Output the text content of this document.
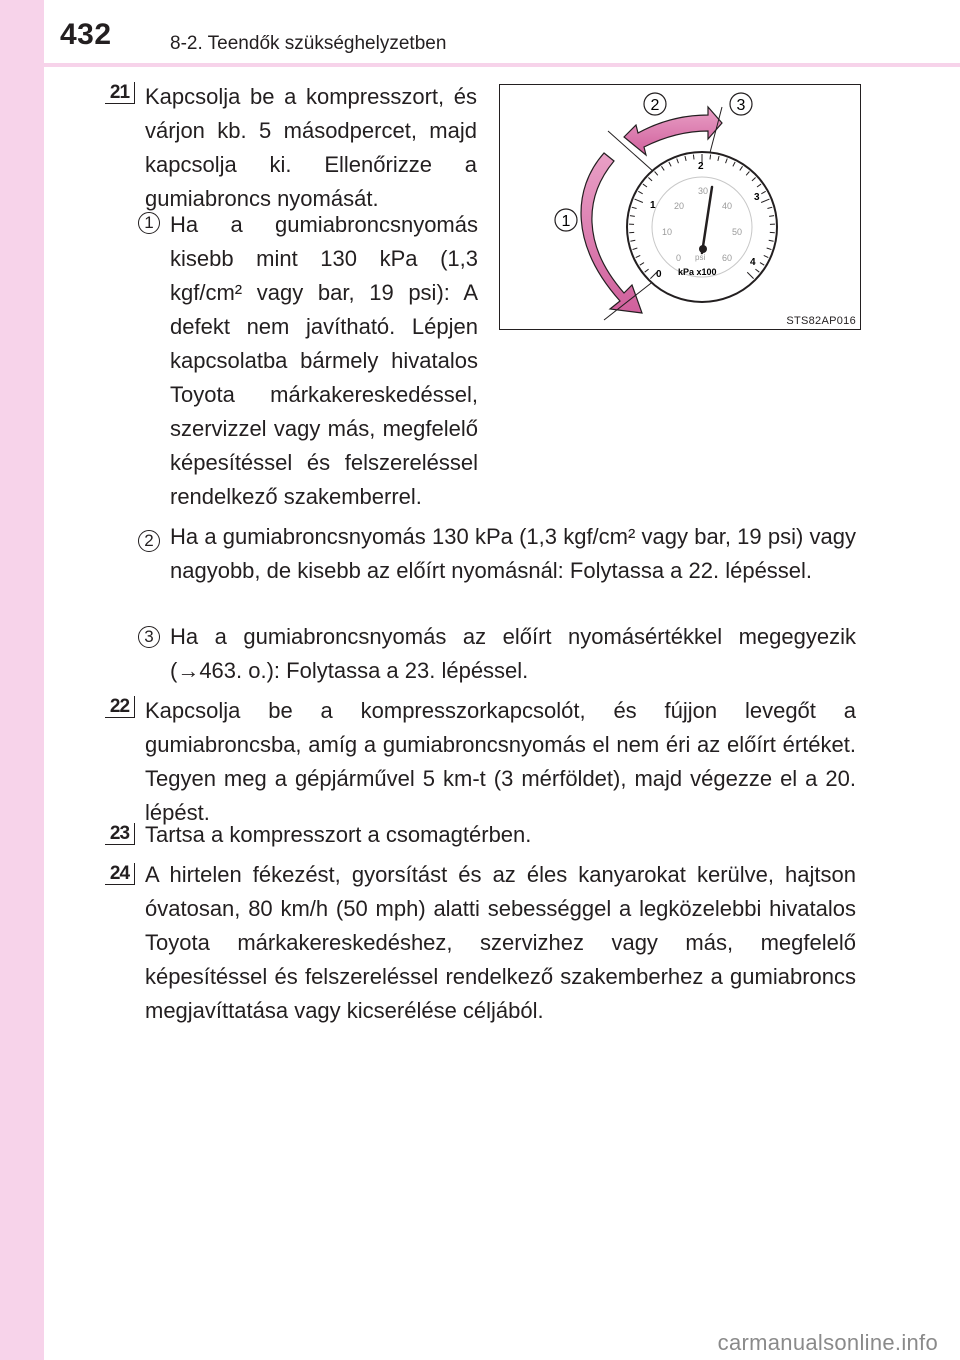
432	8-2. Teendők szükséghelyzetben
21 Kapcsolja be a kompresszort, és várjon kb. 5 másodpercet, majd kapcsolja ki. Ellenőrizze a gumiabroncs nyomását.
1 Ha a gumiabroncsnyomás kisebb mint 130 kPa (1,3 kgf/cm² vagy bar, 19 psi): A defekt nem javítható. Lépjen kapcsolatba bármely hivatalos Toyota márkakereskedéssel, szervizzel vagy más, megfelelő képesítéssel és felszereléssel rendelkező szakemberrel.
2 Ha a gumiabroncsnyomás 130 kPa (1,3 kgf/cm² vagy bar, 19 psi) vagy nagyobb, de kisebb az előírt nyomásnál: Folytassa a 22. lépéssel.
3 Ha a gumiabroncsnyomás az előírt nyomásértékkel megegyezik (→463. o.): Folytassa a 23. lépéssel.
22 Kapcsolja be a kompresszorkapcsolót, és fújjon levegőt a gumiabroncsba, amíg a gumiabroncsnyomás el nem éri az előírt értéket. Tegyen meg a gépjárművel 5 km-t (3 mérföldet), majd végezze el a 20. lépést.
23 Tartsa a kompresszort a csomagtérben.
24 A hirtelen fékezést, gyorsítást és az éles kanyarokat kerülve, hajtson óvatosan, 80 km/h (50 mph) alatti sebességgel a legközelebbi hivatalos Toyota márkakereskedéshez, szervizhez vagy más, megfelelő képesítéssel és felszereléssel rendelkező szakemberhez a gumiabroncs megjavíttatása vagy kicserélése céljából.
2	3
1
1
2
3
4
0
0
10
20
30
40
50
60
psi
kPa x100
STS82AP016
carmanualsonline.info
